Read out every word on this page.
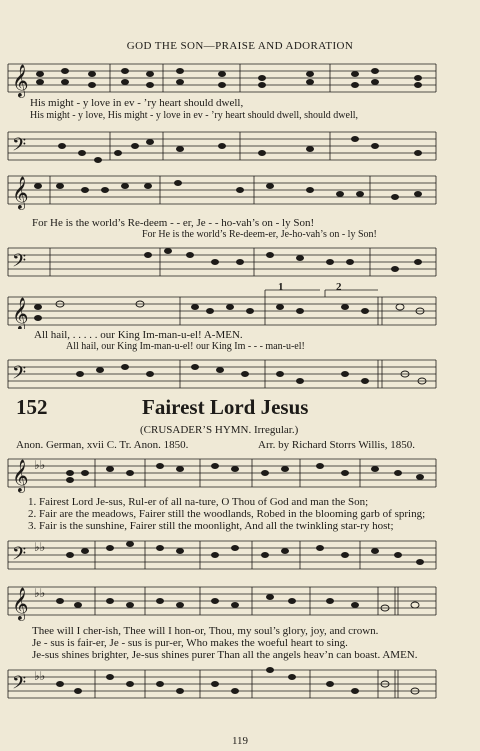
GOD THE SON—PRAISE AND ADORATION
𝄞
His might - y love in ev - ’ry heart should dwell,
His might - y love, His might - y love in ev - ’ry heart should dwell, should dwell,
𝄢
𝄞
For He is the world’s Re-deem - - er, Je - - ho-vah’s on - ly Son!
For He is the world’s Re-deem-er, Je-ho-vah’s on - ly Son!
𝄢
𝄞
1	2
All hail, . . . . . our King Im-man-u-el! A-MEN.
All hail, our King Im-man-u-el! our King Im - - - man-u-el!
𝄢
152	Fairest Lord Jesus
(CRUSADER’S HYMN. Irregular.)
Anon. German, xvii C. Tr. Anon. 1850.	Arr. by Richard Storrs Willis, 1850.
𝄞 ♭♭
1. Fairest Lord Je-sus, Rul-er of all na-ture, O Thou of God and man the Son;
2. Fair are the meadows, Fairer still the woodlands, Robed in the blooming garb of spring;
3. Fair is the sunshine, Fairer still the moonlight, And all the twinkling star-ry host;
𝄢 ♭♭
𝄞 ♭♭
Thee will I cher-ish, Thee will I hon-or, Thou, my soul’s glory, joy, and crown.
Je - sus is fair-er, Je - sus is pur-er, Who makes the woeful heart to sing.
Je-sus shines brighter, Je-sus shines purer Than all the angels heav’n can boast. AMEN.
𝄢 ♭♭
119
